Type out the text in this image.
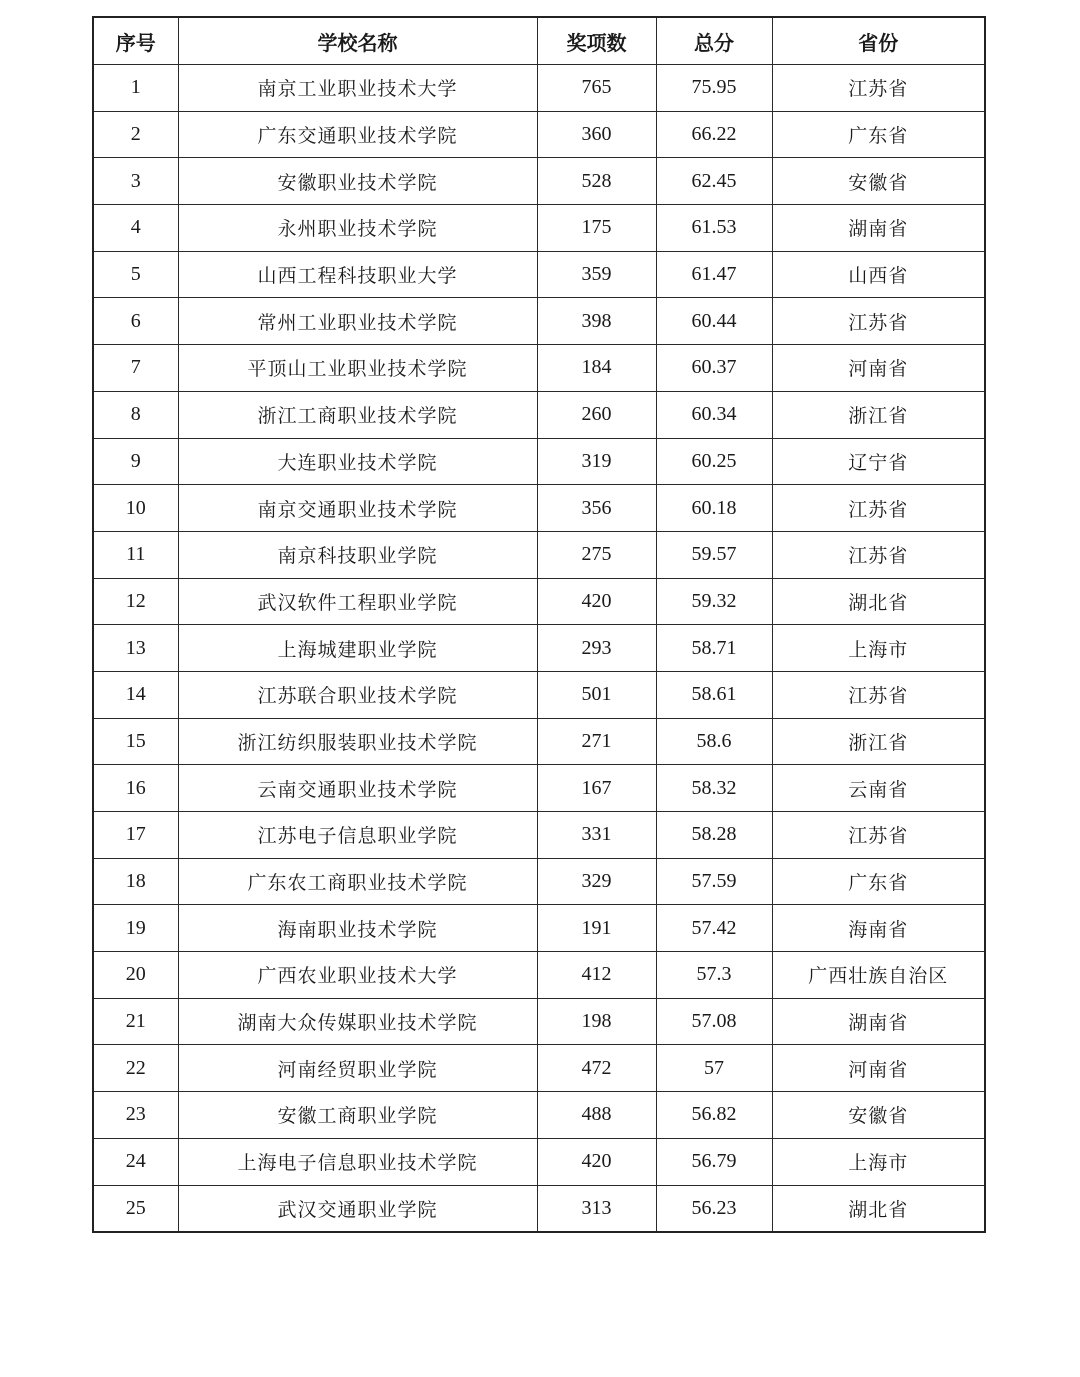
序号	学校名称	奖项数	总分	省份
1	南京工业职业技术大学	765	75.95	江苏省
2	广东交通职业技术学院	360	66.22	广东省
3	安徽职业技术学院	528	62.45	安徽省
4	永州职业技术学院	175	61.53	湖南省
5	山西工程科技职业大学	359	61.47	山西省
6	常州工业职业技术学院	398	60.44	江苏省
7	平顶山工业职业技术学院	184	60.37	河南省
8	浙江工商职业技术学院	260	60.34	浙江省
9	大连职业技术学院	319	60.25	辽宁省
10	南京交通职业技术学院	356	60.18	江苏省
11	南京科技职业学院	275	59.57	江苏省
12	武汉软件工程职业学院	420	59.32	湖北省
13	上海城建职业学院	293	58.71	上海市
14	江苏联合职业技术学院	501	58.61	江苏省
15	浙江纺织服装职业技术学院	271	58.6	浙江省
16	云南交通职业技术学院	167	58.32	云南省
17	江苏电子信息职业学院	331	58.28	江苏省
18	广东农工商职业技术学院	329	57.59	广东省
19	海南职业技术学院	191	57.42	海南省
20	广西农业职业技术大学	412	57.3	广西壮族自治区
21	湖南大众传媒职业技术学院	198	57.08	湖南省
22	河南经贸职业学院	472	57	河南省
23	安徽工商职业学院	488	56.82	安徽省
24	上海电子信息职业技术学院	420	56.79	上海市
25	武汉交通职业学院	313	56.23	湖北省
